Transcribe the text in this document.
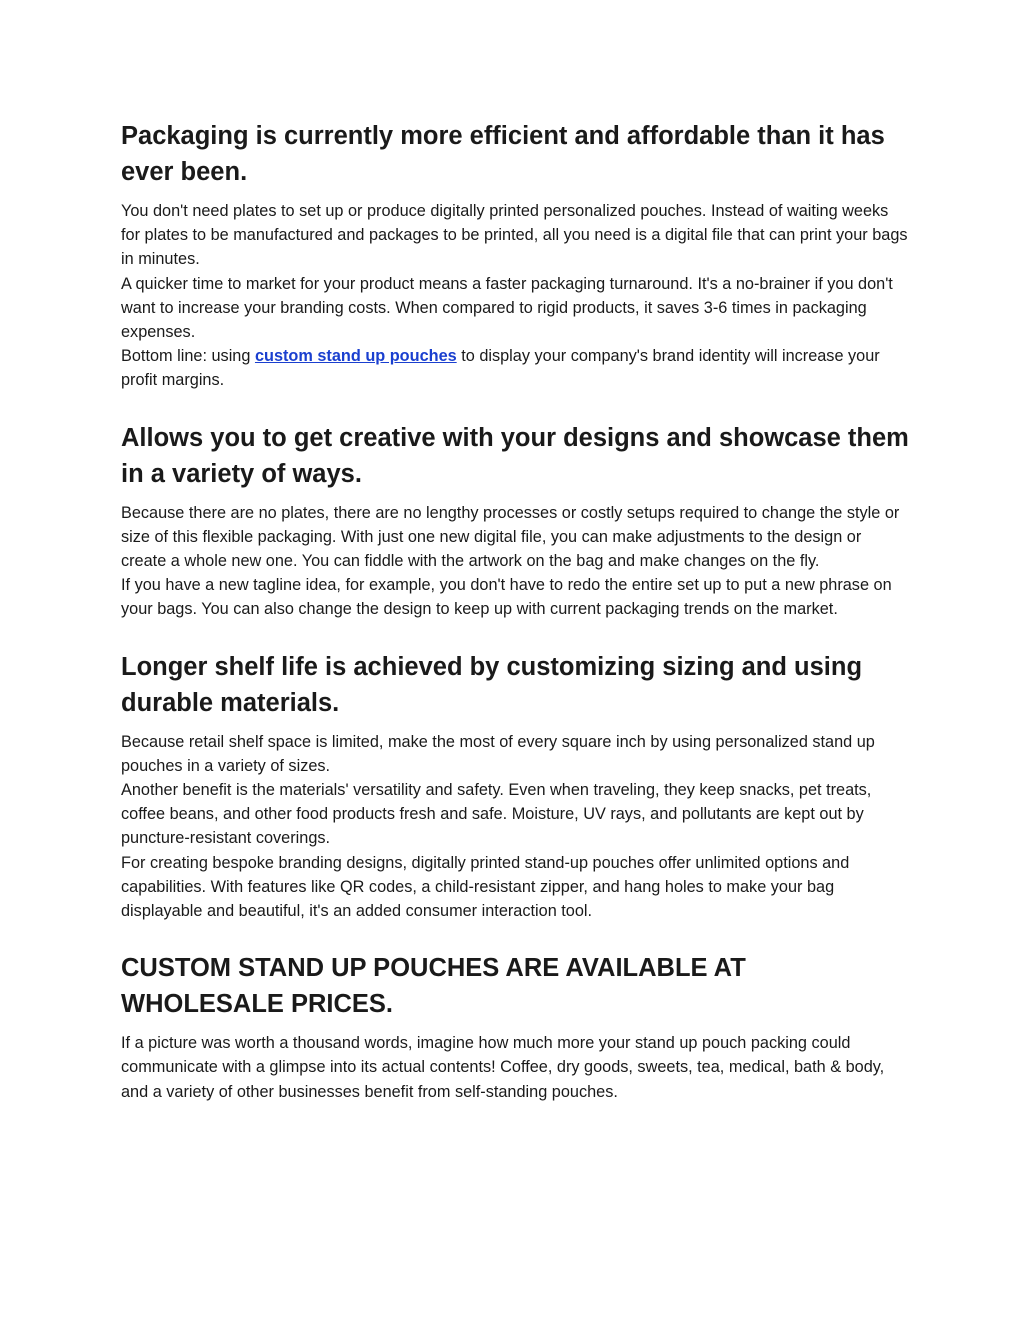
Packaging is currently more efficient and affordable than it has ever been.

You don't need plates to set up or produce digitally printed personalized pouches. Instead of waiting weeks for plates to be manufactured and packages to be printed, all you need is a digital file that can print your bags in minutes.

A quicker time to market for your product means a faster packaging turnaround. It's a no-brainer if you don't want to increase your branding costs. When compared to rigid products, it saves 3-6 times in packaging expenses.

Bottom line: using custom stand up pouches to display your company's brand identity will increase your profit margins.

Allows you to get creative with your designs and showcase them in a variety of ways.

Because there are no plates, there are no lengthy processes or costly setups required to change the style or size of this flexible packaging. With just one new digital file, you can make adjustments to the design or create a whole new one. You can fiddle with the artwork on the bag and make changes on the fly.

If you have a new tagline idea, for example, you don't have to redo the entire set up to put a new phrase on your bags. You can also change the design to keep up with current packaging trends on the market.

Longer shelf life is achieved by customizing sizing and using durable materials.

Because retail shelf space is limited, make the most of every square inch by using personalized stand up pouches in a variety of sizes.

Another benefit is the materials' versatility and safety. Even when traveling, they keep snacks, pet treats, coffee beans, and other food products fresh and safe. Moisture, UV rays, and pollutants are kept out by puncture-resistant coverings.

For creating bespoke branding designs, digitally printed stand-up pouches offer unlimited options and capabilities. With features like QR codes, a child-resistant zipper, and hang holes to make your bag displayable and beautiful, it's an added consumer interaction tool.

CUSTOM STAND UP POUCHES ARE AVAILABLE AT WHOLESALE PRICES.

If a picture was worth a thousand words, imagine how much more your stand up pouch packing could communicate with a glimpse into its actual contents! Coffee, dry goods, sweets, tea, medical, bath & body, and a variety of other businesses benefit from self-standing pouches.
